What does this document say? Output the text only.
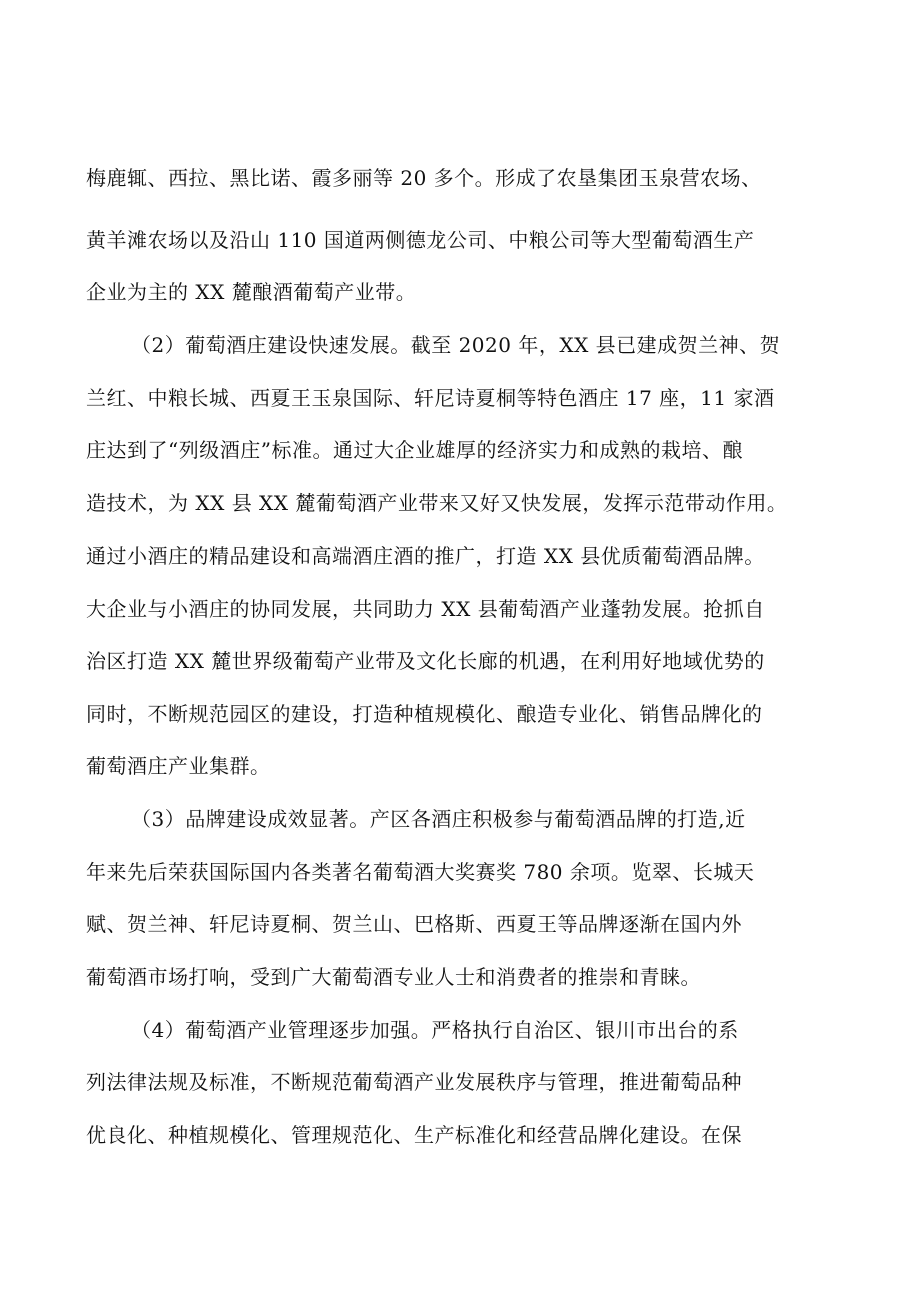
梅鹿辄、西拉、黑比诺、霞多丽等 20 多个。形成了农垦集团玉泉营农场、
黄羊滩农场以及沿山 110 国道两侧德龙公司、中粮公司等大型葡萄酒生产
企业为主的 XX 麓酿酒葡萄产业带。
（2）葡萄酒庄建设快速发展。截至 2020 年，XX 县已建成贺兰神、贺
兰红、中粮长城、西夏王玉泉国际、轩尼诗夏桐等特色酒庄 17 座，11 家酒
庄达到了“列级酒庄”标准。通过大企业雄厚的经济实力和成熟的栽培、酿
造技术，为 XX 县 XX 麓葡萄酒产业带来又好又快发展，发挥示范带动作用。
通过小酒庄的精品建设和高端酒庄酒的推广，打造 XX 县优质葡萄酒品牌。
大企业与小酒庄的协同发展，共同助力 XX 县葡萄酒产业蓬勃发展。抢抓自
治区打造 XX 麓世界级葡萄产业带及文化长廊的机遇，在利用好地域优势的
同时，不断规范园区的建设，打造种植规模化、酿造专业化、销售品牌化的
葡萄酒庄产业集群。
（3）品牌建设成效显著。产区各酒庄积极参与葡萄酒品牌的打造,近
年来先后荣获国际国内各类著名葡萄酒大奖赛奖 780 余项。览翠、长城天
赋、贺兰神、轩尼诗夏桐、贺兰山、巴格斯、西夏王等品牌逐渐在国内外
葡萄酒市场打响，受到广大葡萄酒专业人士和消费者的推崇和青睐。
（4）葡萄酒产业管理逐步加强。严格执行自治区、银川市出台的系
列法律法规及标准，不断规范葡萄酒产业发展秩序与管理，推进葡萄品种
优良化、种植规模化、管理规范化、生产标准化和经营品牌化建设。在保
